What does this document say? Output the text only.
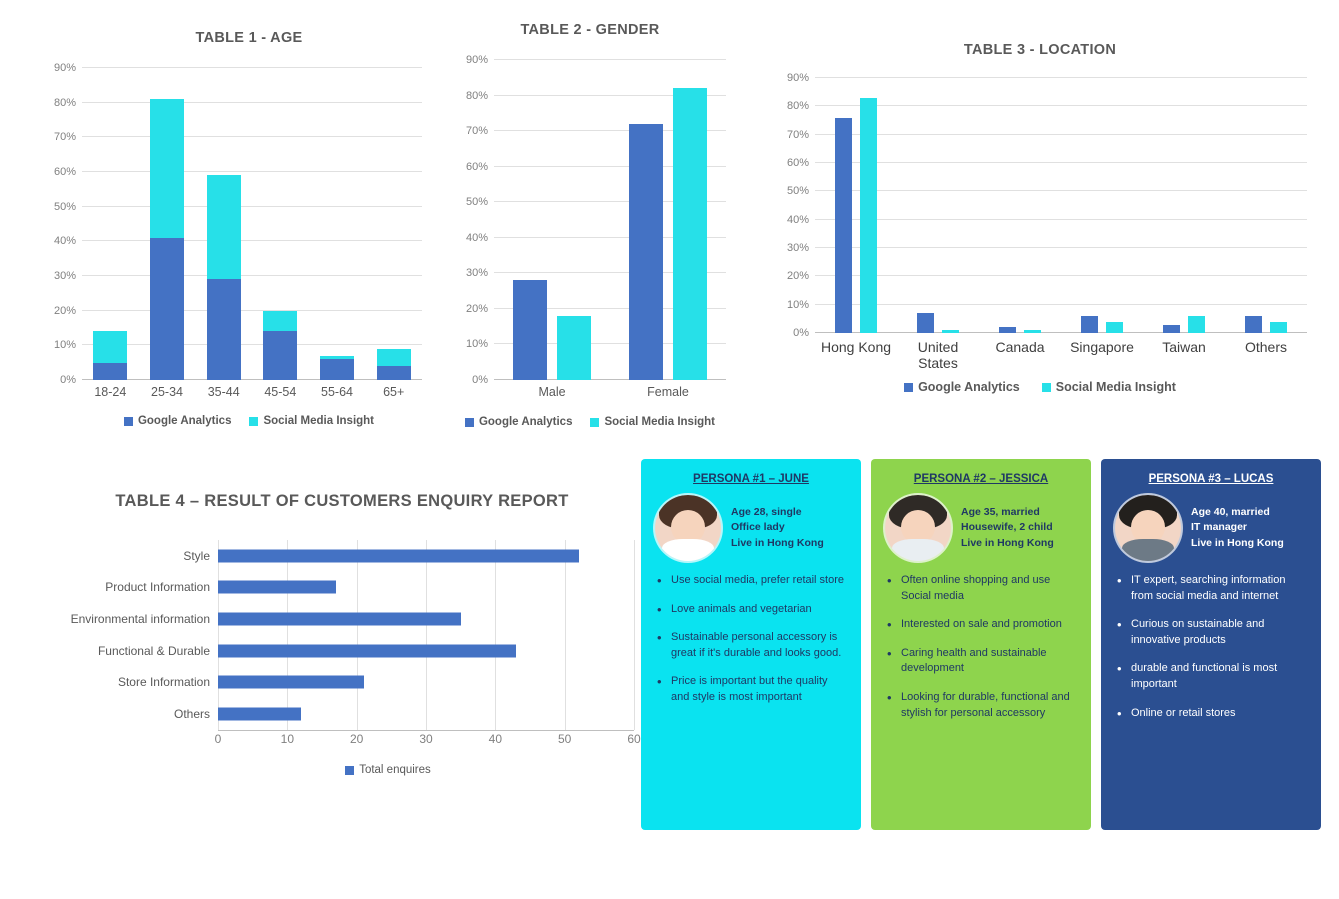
TABLE 1 - AGE
0%
10%
20%
30%
40%
50%
60%
70%
80%
90%
18-24	25-34	35-44	45-54	55-64	65+
Google Analytics	Social Media Insight
TABLE 2 - GENDER
0%
10%
20%
30%
40%
50%
60%
70%
80%
90%
Male	Female
Google Analytics	Social Media Insight
TABLE 3 - LOCATION
0%
10%
20%
30%
40%
50%
60%
70%
80%
90%
Hong Kong	United States
Canada	Singapore	Taiwan	Others
Google Analytics	Social Media Insight
TABLE 4 – RESULT OF CUSTOMERS ENQUIRY REPORT
Style
Product Information
Environmental information
Functional & Durable
Store Information
Others
0	10	20	30	40	50	60
Total enquires
PERSONA #1 – JUNE
Age 28, single
Office lady
Live in Hong Kong
• Use social media, prefer retail store
• Love animals and vegetarian
• Sustainable personal accessory is great if it's durable and looks good.
• Price is important but the quality and style is most important
PERSONA #2 – JESSICA
Age 35, married
Housewife, 2 child
Live in Hong Kong
• Often online shopping and use Social media
• Interested on sale and promotion
• Caring health and sustainable development
• Looking for durable, functional and stylish for personal accessory
PERSONA #3 – LUCAS
Age 40, married
IT manager
Live in Hong Kong
• IT expert, searching information from social media and internet
• Curious on sustainable and innovative products
• durable and functional is most important
• Online or retail stores
